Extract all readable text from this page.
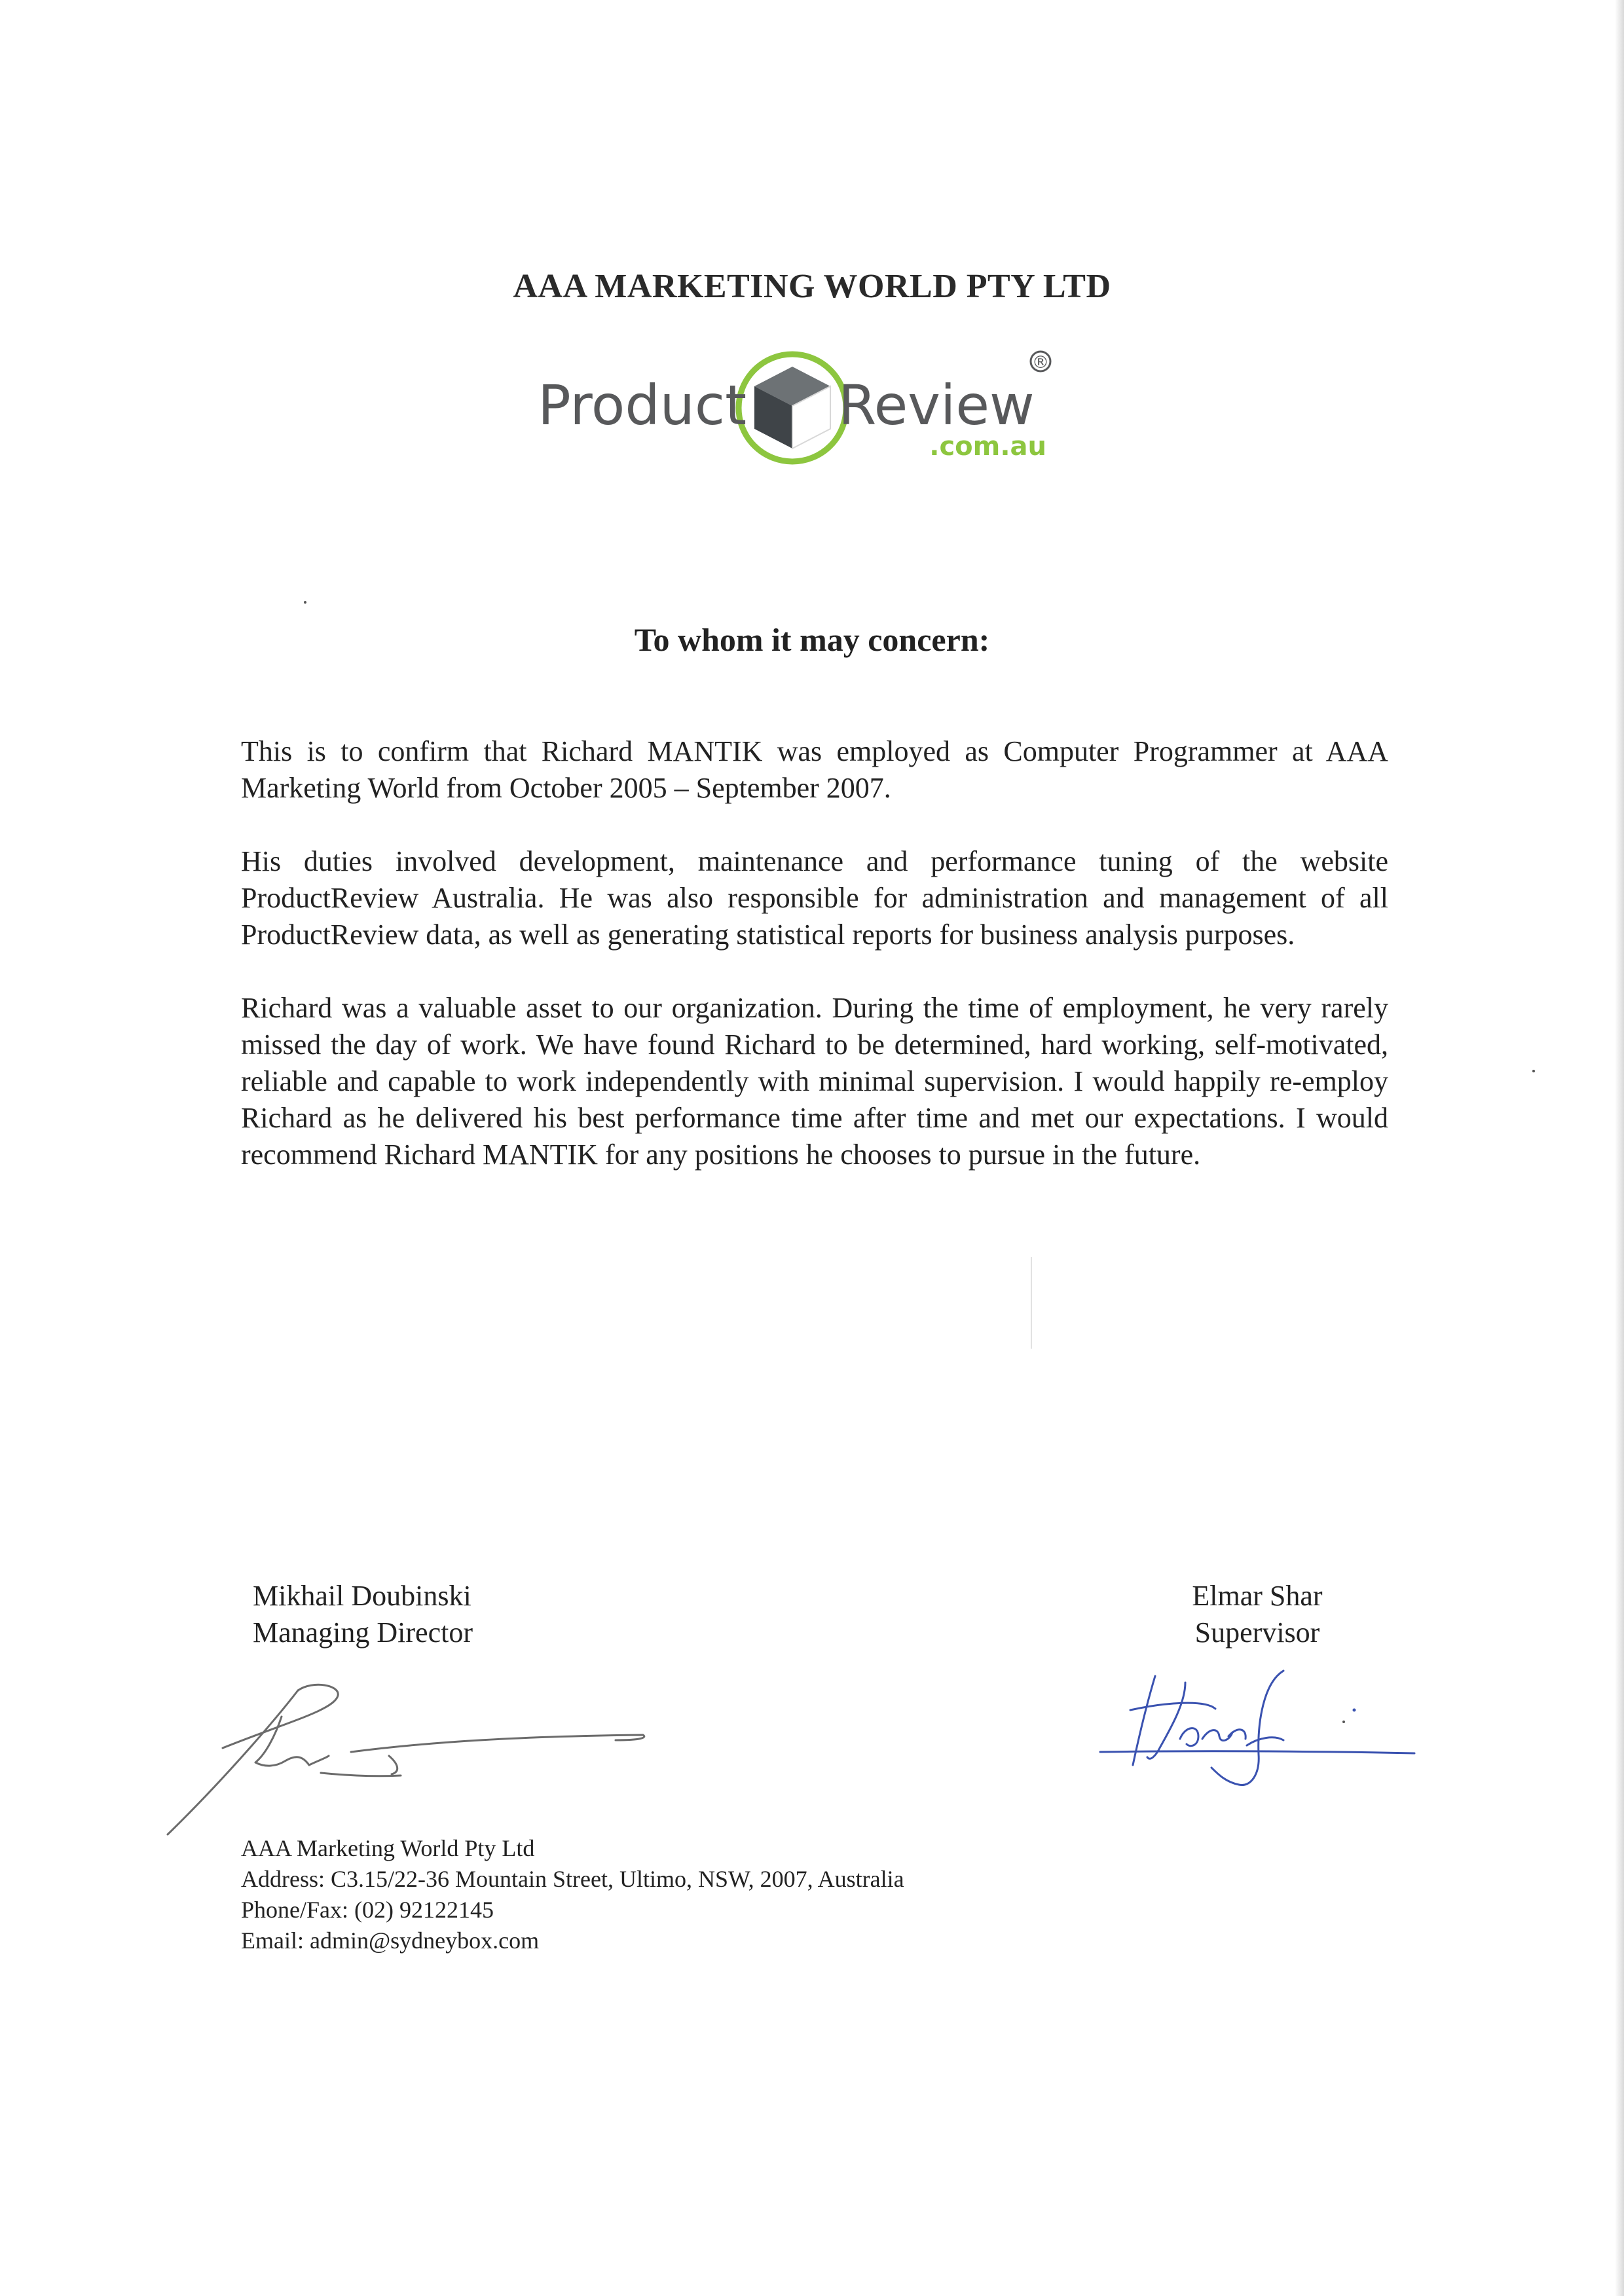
AAA MARKETING WORLD PTY LTD
Product Review
.com.au
®
To whom it may concern:

This is to confirm that Richard MANTIK was employed as Computer Programmer at AAA Marketing World from October 2005 – September 2007.

His duties involved development, maintenance and performance tuning of the website ProductReview Australia. He was also responsible for administration and management of all ProductReview data, as well as generating statistical reports for business analysis purposes.

Richard was a valuable asset to our organization. During the time of employment, he very rarely missed the day of work. We have found Richard to be determined, hard working, self-motivated, reliable and capable to work independently with minimal supervision. I would happily re-employ Richard as he delivered his best performance time after time and met our expectations. I would recommend Richard MANTIK for any positions he chooses to pursue in the future.

Mikhail Doubinski
Managing Director
Elmar Shar
Supervisor
AAA Marketing World Pty Ltd
Address: C3.15/22-36 Mountain Street, Ultimo, NSW, 2007, Australia
Phone/Fax: (02) 92122145
Email: admin@sydneybox.com
